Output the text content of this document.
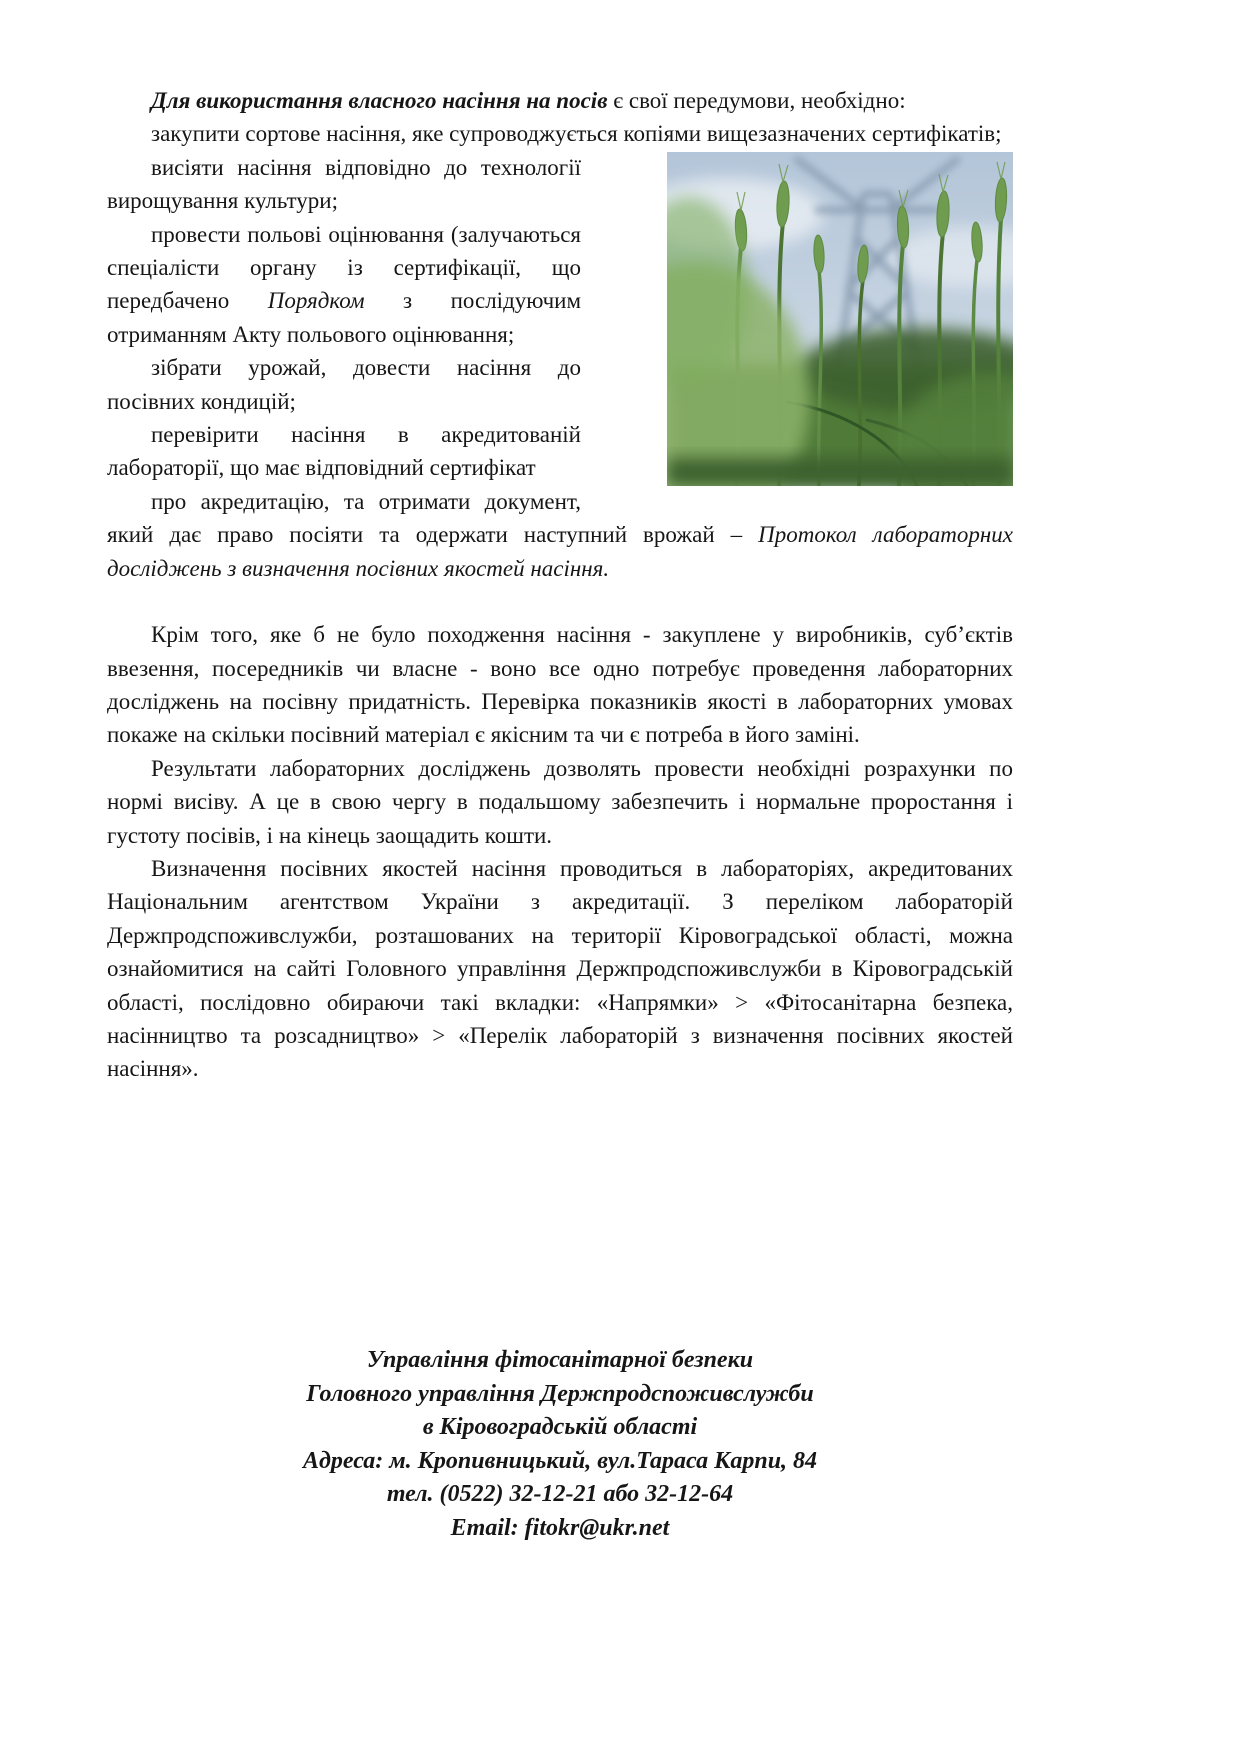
Для використання власного насіння на посів є свої передумови, необхідно:

закупити сортове насіння, яке супроводжується копіями вищезазначених сертифікатів;

висіяти насіння відповідно до технології вирощування культури;

провести польові оцінювання (залучаються спеціалісти органу із сертифікації, що передбачено Порядком з послідуючим отриманням Акту польового оцінювання;

зібрати урожай, довести насіння до посівних кондицій;

перевірити насіння в акредитованій лабораторії, що має відповідний сертифікат

про акредитацію, та отримати документ, який дає право посіяти та одержати наступний врожай – Протокол лабораторних досліджень з визначення посівних якостей насіння.

Крім того, яке б не було походження насіння - закуплене у виробників, суб’єктів ввезення, посередників чи власне - воно все одно потребує проведення лабораторних досліджень на посівну придатність. Перевірка показників якості в лабораторних умовах покаже на скільки посівний матеріал є якісним та чи є потреба в його заміні.

Результати лабораторних досліджень дозволять провести необхідні розрахунки по нормі висіву. А це в свою чергу в подальшому забезпечить і нормальне проростання і густоту посівів, і на кінець заощадить кошти.

Визначення посівних якостей насіння проводиться в лабораторіях, акредитованих Національним агентством України з акредитації. З переліком лабораторій Держпродспоживслужби, розташованих на території Кіровоградської області, можна ознайомитися на сайті Головного управління Держпродспоживслужби в Кіровоградській області, послідовно обираючи такі вкладки: «Напрямки» > «Фітосанітарна безпека, насінництво та розсадництво» > «Перелік лабораторій з визначення посівних якостей насіння».

Управління фітосанітарної безпеки

Головного управління Держпродспоживслужби

в Кіровоградській області

Адреса: м. Кропивницький, вул.Тараса Карпи, 84

тел. (0522) 32-12-21 або 32-12-64

Email: fitokr@ukr.net
